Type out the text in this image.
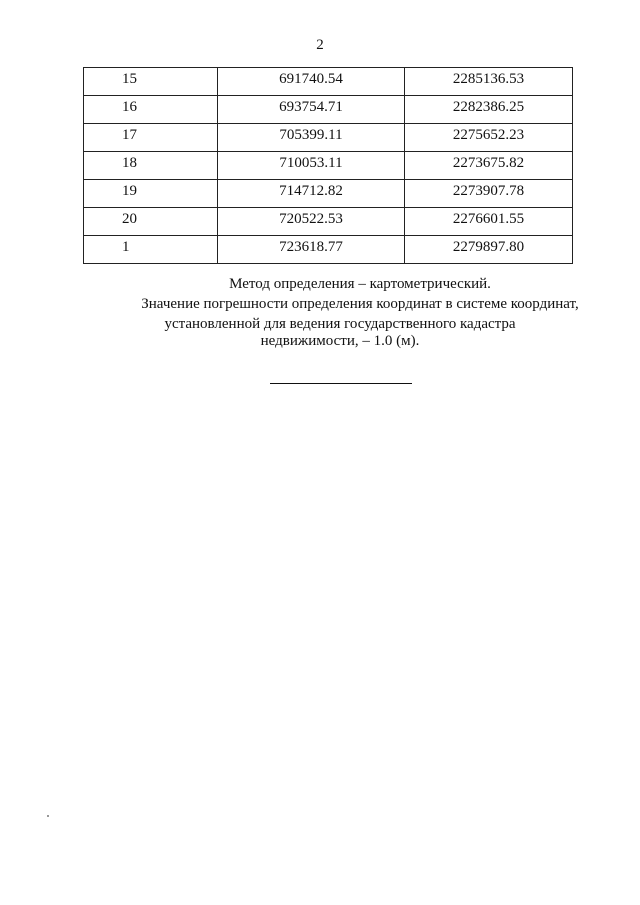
2
15	691740.54	2285136.53
16	693754.71	2282386.25
17	705399.11	2275652.23
18	710053.11	2273675.82
19	714712.82	2273907.78
20	720522.53	2276601.55
1	723618.77	2279897.80
Метод определения – картометрический.
Значение погрешности определения координат в системе координат,
установленной для ведения государственного кадастра
недвижимости, – 1.0 (м).
